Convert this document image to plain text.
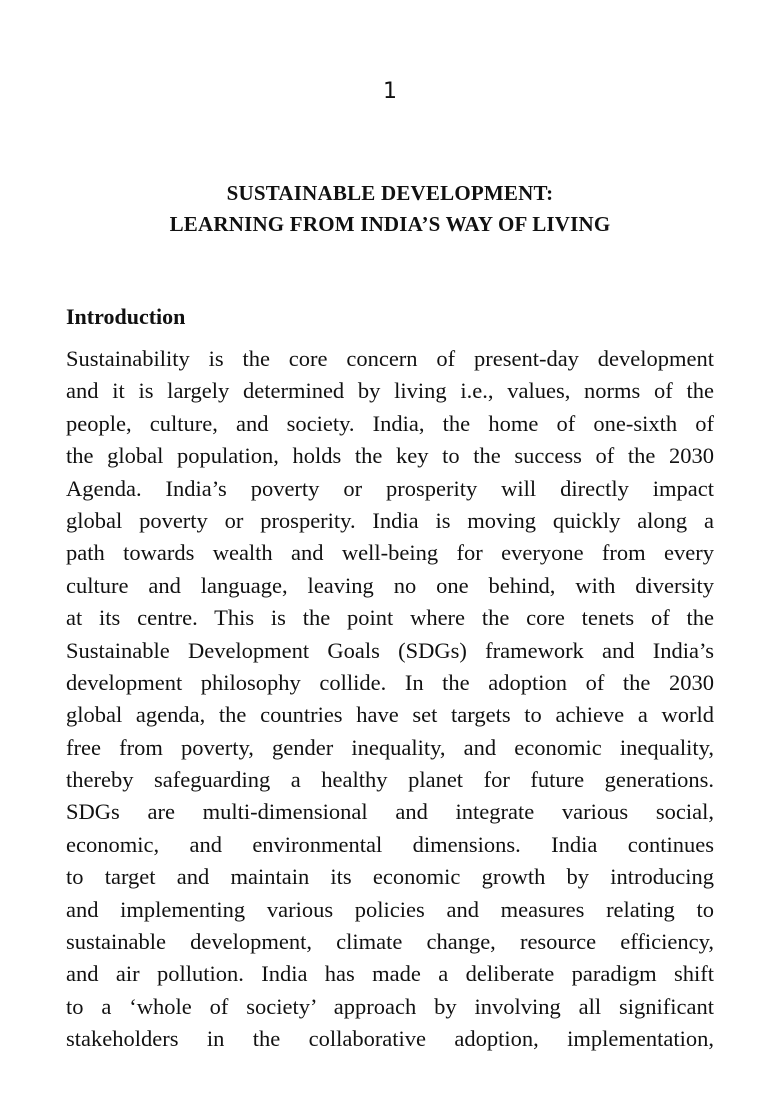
1
SUSTAINABLE DEVELOPMENT:
LEARNING FROM INDIA’S WAY OF LIVING
Introduction
Sustainability is the core concern of present-day development
and it is largely determined by living i.e., values, norms of the
people, culture, and society. India, the home of one-sixth of
the global population, holds the key to the success of the 2030
Agenda. India’s poverty or prosperity will directly impact
global poverty or prosperity. India is moving quickly along a
path towards wealth and well-being for everyone from every
culture and language, leaving no one behind, with diversity
at its centre. This is the point where the core tenets of the
Sustainable Development Goals (SDGs) framework and India’s
development philosophy collide. In the adoption of the 2030
global agenda, the countries have set targets to achieve a world
free from poverty, gender inequality, and economic inequality,
thereby safeguarding a healthy planet for future generations.
SDGs are multi-dimensional and integrate various social,
economic, and environmental dimensions. India continues
to target and maintain its economic growth by introducing
and implementing various policies and measures relating to
sustainable development, climate change, resource efficiency,
and air pollution. India has made a deliberate paradigm shift
to a ‘whole of society’ approach by involving all significant
stakeholders in the collaborative adoption, implementation,
